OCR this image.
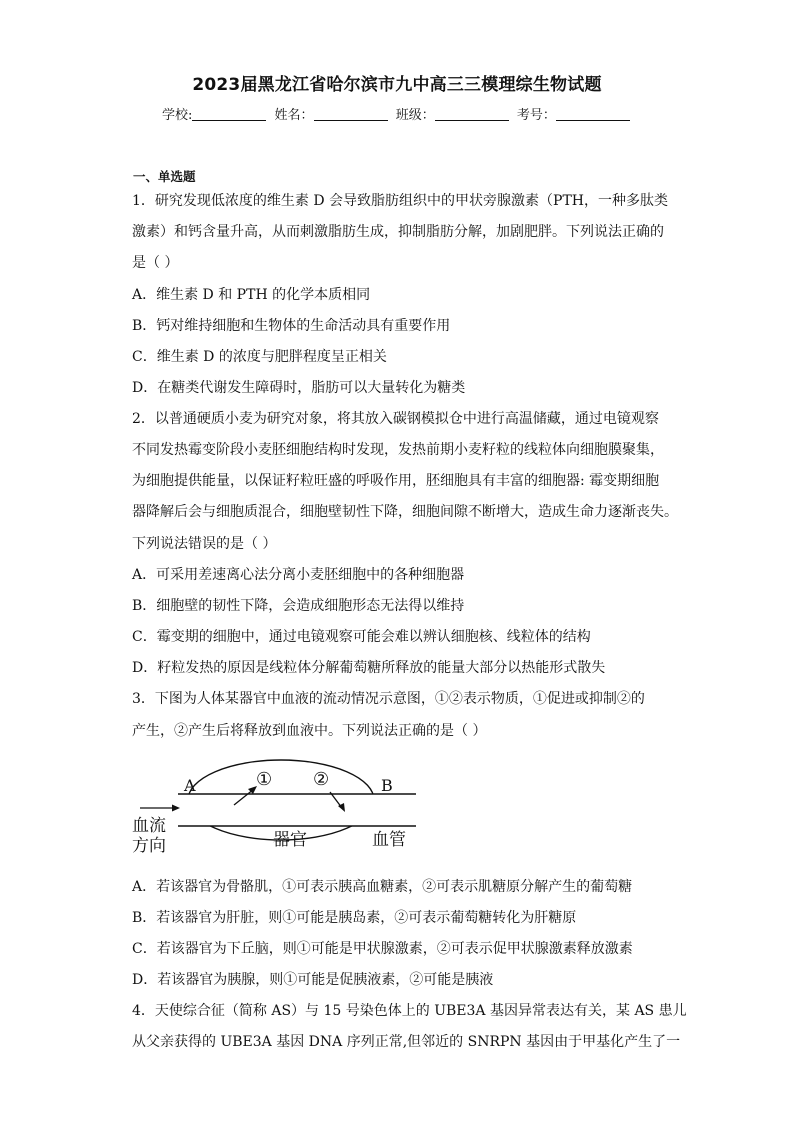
2023届黑龙江省哈尔滨市九中高三三模理综生物试题
学校:	姓名：	班级：	考号：
一、单选题
1．研究发现低浓度的维生素 D 会导致脂肪组织中的甲状旁腺激素（PTH，一种多肽类
激素）和钙含量升高，从而刺激脂肪生成，抑制脂肪分解，加剧肥胖。下列说法正确的
是（ ）
A．维生素 D 和 PTH 的化学本质相同
B．钙对维持细胞和生物体的生命活动具有重要作用
C．维生素 D 的浓度与肥胖程度呈正相关
D．在糖类代谢发生障碍时，脂肪可以大量转化为糖类
2．以普通硬质小麦为研究对象，将其放入碳钢模拟仓中进行高温储藏，通过电镜观察
不同发热霉变阶段小麦胚细胞结构时发现，发热前期小麦籽粒的线粒体向细胞膜聚集，
为细胞提供能量，以保证籽粒旺盛的呼吸作用，胚细胞具有丰富的细胞器: 霉变期细胞
器降解后会与细胞质混合，细胞壁韧性下降，细胞间隙不断增大，造成生命力逐渐丧失。
下列说法错误的是（ ）
A．可采用差速离心法分离小麦胚细胞中的各种细胞器
B．细胞壁的韧性下降，会造成细胞形态无法得以维持
C．霉变期的细胞中，通过电镜观察可能会难以辨认细胞核、线粒体的结构
D．籽粒发热的原因是线粒体分解葡萄糖所释放的能量大部分以热能形式散失
3．下图为人体某器官中血液的流动情况示意图，①②表示物质，①促进或抑制②的
产生，②产生后将释放到血液中。下列说法正确的是（ ）
A	B
① ②
血流
方向	器官	血管
A．若该器官为骨骼肌，①可表示胰高血糖素，②可表示肌糖原分解产生的葡萄糖
B．若该器官为肝脏，则①可能是胰岛素，②可表示葡萄糖转化为肝糖原
C．若该器官为下丘脑，则①可能是甲状腺激素，②可表示促甲状腺激素释放激素
D．若该器官为胰腺，则①可能是促胰液素，②可能是胰液
4．天使综合征（简称 AS）与 15 号染色体上的 UBE3A 基因异常表达有关，某 AS 患儿
从父亲获得的 UBE3A 基因 DNA 序列正常,但邻近的 SNRPN 基因由于甲基化产生了一
